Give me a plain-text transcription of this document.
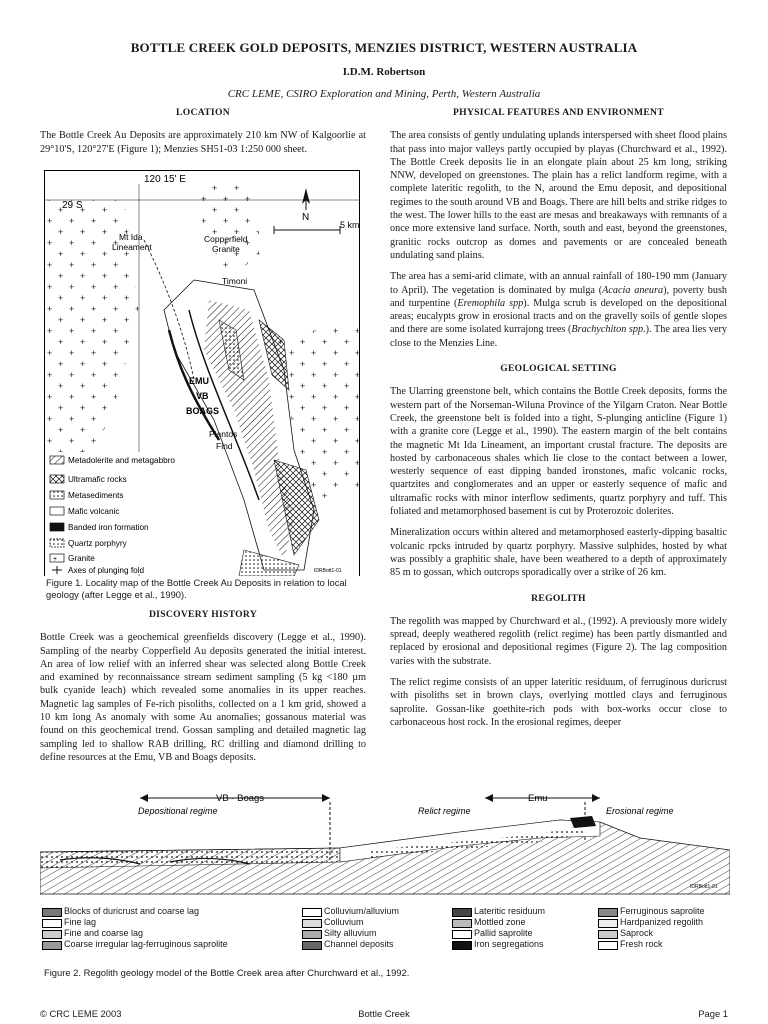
BOTTLE CREEK GOLD DEPOSITS, MENZIES DISTRICT, WESTERN AUSTRALIA
I.D.M. Robertson
CRC LEME, CSIRO Exploration and Mining, Perth, Western Australia
LOCATION

The Bottle Creek Au Deposits are approximately 210 km NW of Kalgoorlie at 29°10'S, 120°27'E (Figure 1); Menzies SH51-03 1:250 000 sheet.

120 15' E
29 S
N
5 km
Mt Ida
Lineament
Copperfield
Granite
Timoni
EMU
VB
BOAGS
Piantos
Find
IDRBott1-01
Metadolerite and metagabbro
Ultramafic rocks
Metasediments
Mafic volcanic
Banded iron formation
Quartz porphyry
+ Granite
Axes of plunging fold
Figure 1. Locality map of the Bottle Creek Au Deposits in relation to local geology (after Legge et al., 1990).
DISCOVERY HISTORY

Bottle Creek was a geochemical greenfields discovery (Legge et al., 1990). Sampling of the nearby Copperfield Au deposits generated the initial interest. An area of low relief with an inferred shear was selected along Bottle Creek and examined by reconnaissance stream sediment sampling (5 kg <180 µm bulk cyanide leach) which revealed some anomalies in its upper reaches. Magnetic lag samples of Fe-rich pisoliths, collected on a 1 km grid, showed a 10 km long As anomaly with some Au anomalies; gossanous material was found on this geochemical trend. Gossan sampling and detailed magnetic lag sampling led to shallow RAB drilling, RC drilling and diamond drilling to define resources at the Emu, VB and Boags deposits.

PHYSICAL FEATURES AND ENVIRONMENT

The area consists of gently undulating uplands interspersed with sheet flood plains that pass into major valleys partly occupied by playas (Churchward et al., 1992). The Bottle Creek deposits lie in an elongate plain about 25 km long, striking NNW, developed on greenstones. The plain has a relict landform regime, with a complete lateritic regolith, to the N, around the Emu deposit, and depositional regimes to the south around VB and Boags. There are hill belts and strike ridges to the west. The lower hills to the east are mesas and breakaways with remnants of a once more extensive land surface. North, south and east, beyond the greenstones, granitic rocks outcrop as domes and pavements or are concealed beneath undulating sand plains.

The area has a semi-arid climate, with an annual rainfall of 180-190 mm (January to April). The vegetation is dominated by mulga (Acacia aneura), poverty bush and turpentine (Eremophila spp). Mulga scrub is developed on the depositional areas; eucalypts grow in erosional tracts and on the gravelly soils of gentle slopes and there are some isolated kurrajong trees (Brachychiton spp.). The area lies very close to the Menzies Line.

GEOLOGICAL SETTING

The Ularring greenstone belt, which contains the Bottle Creek deposits, forms the western part of the Norseman-Wiluna Province of the Yilgarn Craton. Near Bottle Creek, the greenstone belt is folded into a tight, S-plunging anticline (Figure 1) with a granite core (Legge et al., 1990). The eastern margin of the belt contains the magnetic Mt Ida Lineament, an important crustal fracture. The deposits are hosted by carbonaceous shales which lie close to the contact between a lower, westerly sequence of east dipping banded ironstones, mafic volcanic rocks, quartzites and conglomerates and an upper or easterly sequence of mafic and ultramafic rocks with minor interflow sediments, quartz porphyry and tuff. This foliated and metamorphosed basement is cut by Proterozoic dolerites.

Mineralization occurs within altered and metamorphosed easterly-dipping basaltic volcanic rpcks intruded by quartz porphyry. Massive sulphides, hosted by what was possibly a graphitic shale, have been weathered to a depth of approximately 85 m to gossan, which outcrops sporadically over a strike of 26 km.

REGOLITH

The regolith was mapped by Churchward et al., (1992). A previously more widely spread, deeply weathered regolith (relict regime) has been partly dismantled and replaced by erosional and depositional regimes (Figure 2). The lag composition varies with the substrate.

The relict regime consists of an upper lateritic residuum, of ferruginous duricrust with pisoliths set in brown clays, overlying mottled clays and ferruginous saprolite. Gossan-like goethite-rich pods with box-works occur close to carbonaceous host rock. In the erosional regimes, deeper

VB - Boags	Emu
Depositional regime	Relict regime	Erosional regime
IDRBott1-01
Blocks of duricrust and coarse lag
Fine lag
Fine and coarse lag
Coarse irregular lag-ferruginous saprolite
Colluvium/alluvium
Colluvium
Silty alluvium
Channel deposits
Lateritic residuum
Mottled zone
Pallid saprolite
Iron segregations
Ferruginous saprolite
Hardpanized regolith
Saprock
Fresh rock
Figure 2. Regolith geology model of the Bottle Creek area after Churchward et al., 1992.
© CRC LEME 2003	Bottle Creek	Page 1
